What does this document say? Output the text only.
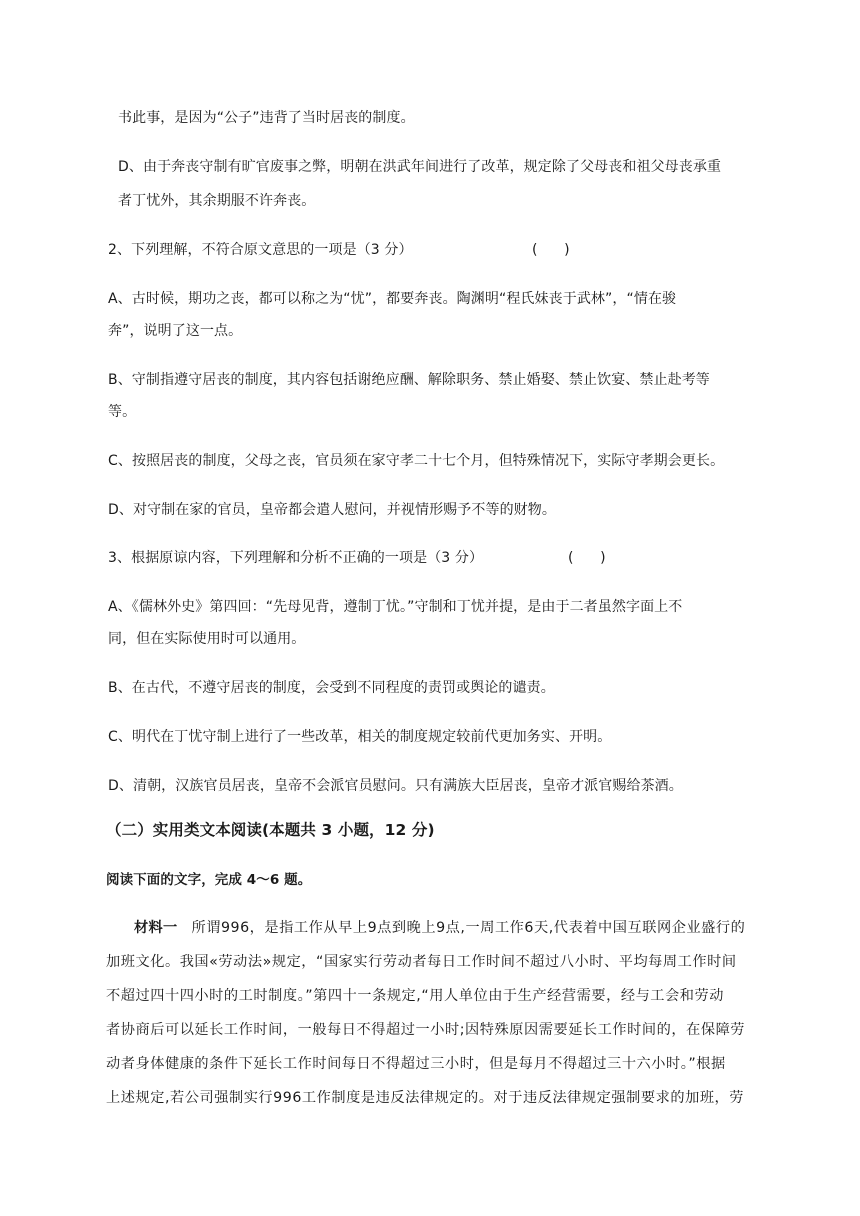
书此事，是因为“公子”违背了当时居丧的制度。
D、由于奔丧守制有旷官废事之弊，明朝在洪武年间进行了改革，规定除了父母丧和祖父母丧承重
者丁忧外，其余期服不许奔丧。
2、下列理解，不符合原文意思的一项是（3 分）	(      )
A、古时候，期功之丧，都可以称之为“忧”，都要奔丧。陶渊明“程氏妹丧于武林”，“情在骏
奔”，说明了这一点。
B、守制指遵守居丧的制度，其内容包括谢绝应酬、解除职务、禁止婚娶、禁止饮宴、禁止赴考等
等。
C、按照居丧的制度，父母之丧，官员须在家守孝二十七个月，但特殊情况下，实际守孝期会更长。
D、对守制在家的官员，皇帝都会遣人慰问，并视情形赐予不等的财物。
3、根据原谅内容，下列理解和分析不正确的一项是（3 分）	(      )
A、《儒林外史》第四回：“先母见背，遵制丁忧。”守制和丁忧并提，是由于二者虽然字面上不
同，但在实际使用时可以通用。
B、在古代，不遵守居丧的制度，会受到不同程度的责罚或舆论的谴责。
C、明代在丁忧守制上进行了一些改革，相关的制度规定较前代更加务实、开明。
D、清朝，汉族官员居丧，皇帝不会派官员慰问。只有满族大臣居丧，皇帝才派官赐给茶酒。
（二）实用类文本阅读(本题共 3 小题，12 分)
阅读下面的文字，完成 4～6 题。
材料一 所谓996，是指工作从早上9点到晚上9点,一周工作6天,代表着中国互联网企业盛行的
加班文化。我国«劳动法»规定，“国家实行劳动者每日工作时间不超过八小时、平均每周工作时间
不超过四十四小时的工时制度。”第四十一条规定,“用人单位由于生产经营需要，经与工会和劳动
者协商后可以延长工作时间，一般每日不得超过一小时;因特殊原因需要延长工作时间的，在保障劳
动者身体健康的条件下延长工作时间每日不得超过三小时，但是每月不得超过三十六小时。”根据
上述规定,若公司强制实行996工作制度是违反法律规定的。对于违反法律规定强制要求的加班，劳
